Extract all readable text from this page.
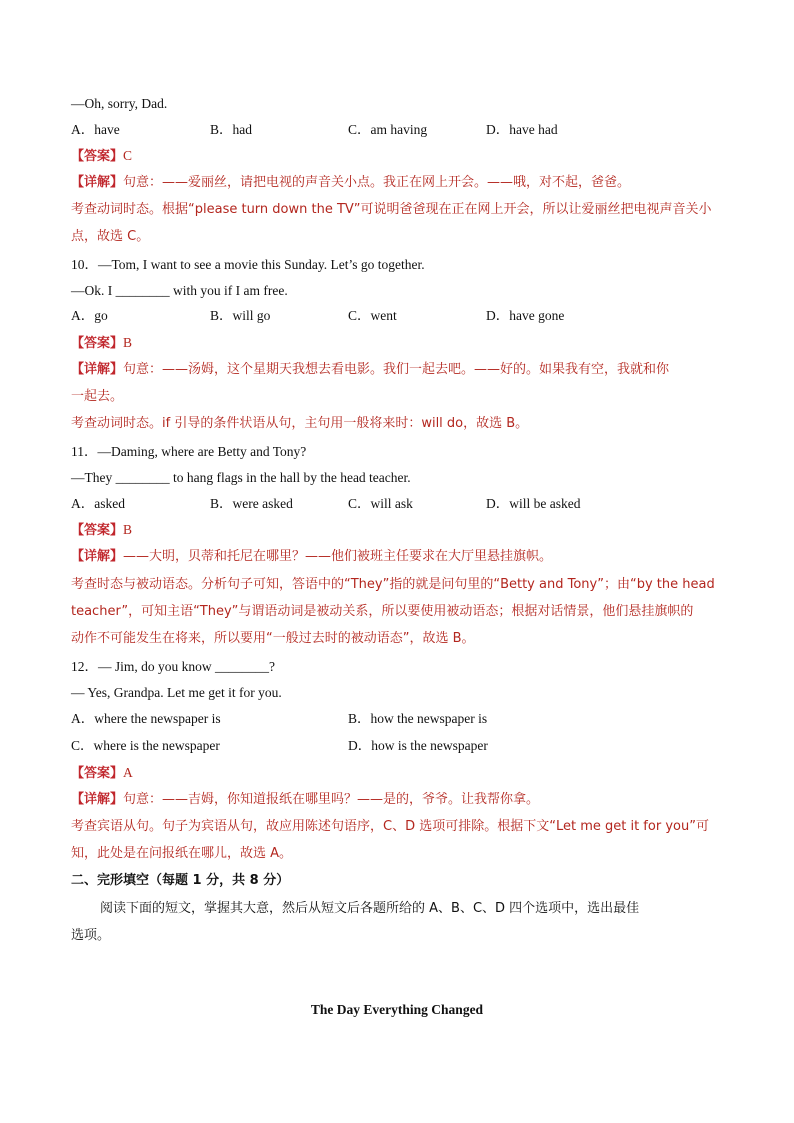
—Oh, sorry, Dad.
A．have	B．had	C．am having	D．have had
【答案】C
【详解】句意：——爱丽丝，请把电视的声音关小点。我正在网上开会。——哦，对不起，爸爸。
考查动词时态。根据“please turn down the TV”可说明爸爸现在正在网上开会，所以让爱丽丝把电视声音关小
点，故选 C。
10．—Tom, I want to see a movie this Sunday. Let’s go together.
—Ok. I ________ with you if I am free.
A．go	B．will go	C．went	D．have gone
【答案】B
【详解】句意：——汤姆，这个星期天我想去看电影。我们一起去吧。——好的。如果我有空，我就和你
一起去。
考查动词时态。if 引导的条件状语从句，主句用一般将来时：will do，故选 B。
11．—Daming, where are Betty and Tony?
—They ________ to hang flags in the hall by the head teacher.
A．asked	B．were asked	C．will ask	D．will be asked
【答案】B
【详解】——大明，贝蒂和托尼在哪里？——他们被班主任要求在大厅里悬挂旗帜。
考查时态与被动语态。分析句子可知，答语中的“They”指的就是问句里的“Betty and Tony”；由“by the head
teacher”，可知主语“They”与谓语动词是被动关系，所以要使用被动语态；根据对话情景，他们悬挂旗帜的
动作不可能发生在将来，所以要用“一般过去时的被动语态”，故选 B。
12．— Jim, do you know ________?
— Yes, Grandpa. Let me get it for you.
A．where the newspaper is	B．how the newspaper is
C．where is the newspaper	D．how is the newspaper
【答案】A
【详解】句意：——吉姆，你知道报纸在哪里吗？——是的，爷爷。让我帮你拿。
考查宾语从句。句子为宾语从句，故应用陈述句语序，C、D 选项可排除。根据下文“Let me get it for you”可
知，此处是在问报纸在哪儿，故选 A。
二、完形填空（每题 1 分，共 8 分）
阅读下面的短文，掌握其大意，然后从短文后各题所给的 A、B、C、D 四个选项中，选出最佳
选项。
The Day Everything Changed
